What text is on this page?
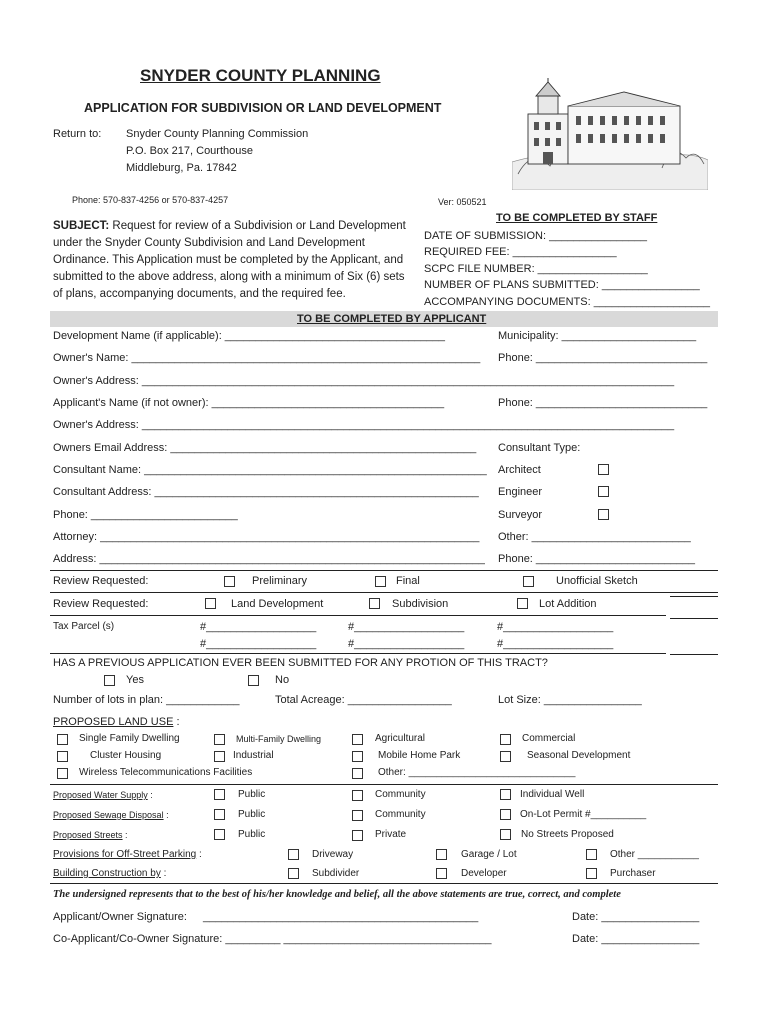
SNYDER COUNTY PLANNING
APPLICATION FOR SUBDIVISION OR LAND DEVELOPMENT
Return to: Snyder County Planning Commission
P.O. Box 217, Courthouse
Middleburg, Pa. 17842
Phone: 570-837-4256 or 570-837-4257	Ver: 050521
SUBJECT: Request for review of a Subdivision or Land Development
under the Snyder County Subdivision and Land Development
Ordinance. This Application must be completed by the Applicant, and
submitted to the above address, along with a minimum of Six (6) sets
of plans, accompanying documents, and the required fee.
TO BE COMPLETED BY STAFF
DATE OF SUBMISSION: ________________
REQUIRED FEE: _________________
SCPC FILE NUMBER: __________________
NUMBER OF PLANS SUBMITTED: ________________
ACCOMPANYING DOCUMENTS: ___________________
TO BE COMPLETED BY APPLICANT
Development Name (if applicable): ____________________________________	Municipality: ______________________
Owner's Name: _________________________________________________________ Phone: ____________________________
Owner's Address: _______________________________________________________________________________________
Applicant's Name (if not owner): ______________________________________	Phone: ____________________________
Owner's Address: _______________________________________________________________________________________
Owners Email Address: __________________________________________________ Consultant Type:
Consultant Name: ________________________________________________________ Architect
Consultant Address: _____________________________________________________ Engineer
Phone: ________________________	Surveyor
Attorney: ______________________________________________________________ Other: __________________________
Address: _______________________________________________________________ Phone: __________________________
Review Requested:	Preliminary	Final	Unofficial Sketch
Review Requested:	Land Development	Subdivision	Lot Addition
Tax Parcel (s)	#__________________	#__________________	#__________________
#__________________	#__________________	#__________________
HAS A PREVIOUS APPLICATION EVER BEEN SUBMITTED FOR ANY PROTION OF THIS TRACT?
Yes	No
Number of lots in plan: ____________	Total Acreage: _________________	Lot Size: ________________
PROPOSED LAND USE :
Single Family Dwelling	Multi-Family Dwelling	Agricultural	Commercial
Cluster Housing	Industrial	Mobile Home Park	Seasonal Development
Wireless Telecommunications Facilities	Other: ______________________________
Proposed Water Supply :	Public	Community	Individual Well
Proposed Sewage Disposal :	Public	Community	On-Lot Permit #__________
Proposed Streets :	Public	Private	No Streets Proposed
Provisions for Off-Street Parking :	Driveway	Garage / Lot	Other ___________
Building Construction by :	Subdivider	Developer	Purchaser
The undersigned represents that to the best of his/her knowledge and belief, all the above statements are true, correct, and complete
Applicant/Owner Signature: _____________________________________________	Date: ________________
Co-Applicant/Co-Owner Signature: _________ __________________________________	Date: ________________
